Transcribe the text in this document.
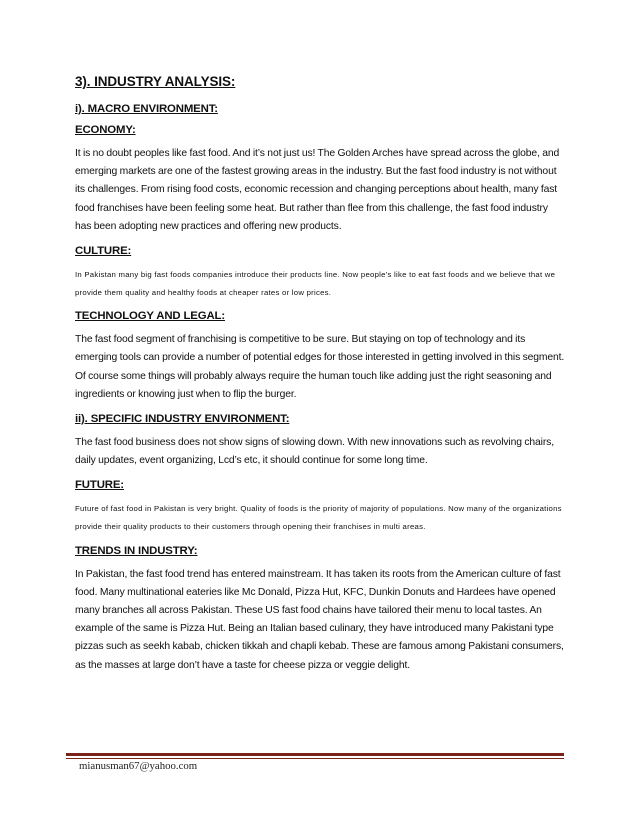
3). INDUSTRY ANALYSIS:
i). MACRO ENVIRONMENT:
ECONOMY:

It is no doubt peoples like fast food. And it’s not just us! The Golden Arches have spread across the globe, and emerging markets are one of the fastest growing areas in the industry. But the fast food industry is not without its challenges. From rising food costs, economic recession and changing perceptions about health, many fast food franchises have been feeling some heat. But rather than flee from this challenge, the fast food industry has been adopting new practices and offering new products.

CULTURE:

In Pakistan many big fast foods companies introduce their products line. Now people’s like to eat fast foods and we believe that we provide them quality and healthy foods at cheaper rates or low prices.

TECHNOLOGY AND LEGAL:

The fast food segment of franchising is competitive to be sure. But staying on top of technology and its emerging tools can provide a number of potential edges for those interested in getting involved in this segment. Of course some things will probably always require the human touch like adding just the right seasoning and ingredients or knowing just when to flip the burger.

ii). SPECIFIC INDUSTRY ENVIRONMENT:

The fast food business does not show signs of slowing down. With new innovations such as revolving chairs, daily updates, event organizing, Lcd’s etc, it should continue for some long time.

FUTURE:

Future of fast food in Pakistan is very bright. Quality of foods is the priority of majority of populations. Now many of the organizations provide their quality products to their customers through opening their franchises in multi areas.

TRENDS IN INDUSTRY:

In Pakistan, the fast food trend has entered mainstream. It has taken its roots from the American culture of fast food. Many multinational eateries like Mc Donald, Pizza Hut, KFC, Dunkin Donuts and Hardees have opened many branches all across Pakistan. These US fast food chains have tailored their menu to local tastes. An example of the same is Pizza Hut. Being an Italian based culinary, they have introduced many Pakistani type pizzas such as seekh kabab, chicken tikkah and chapli kebab. These are famous among Pakistani consumers, as the masses at large don’t have a taste for cheese pizza or veggie delight.

mianusman67@yahoo.com
